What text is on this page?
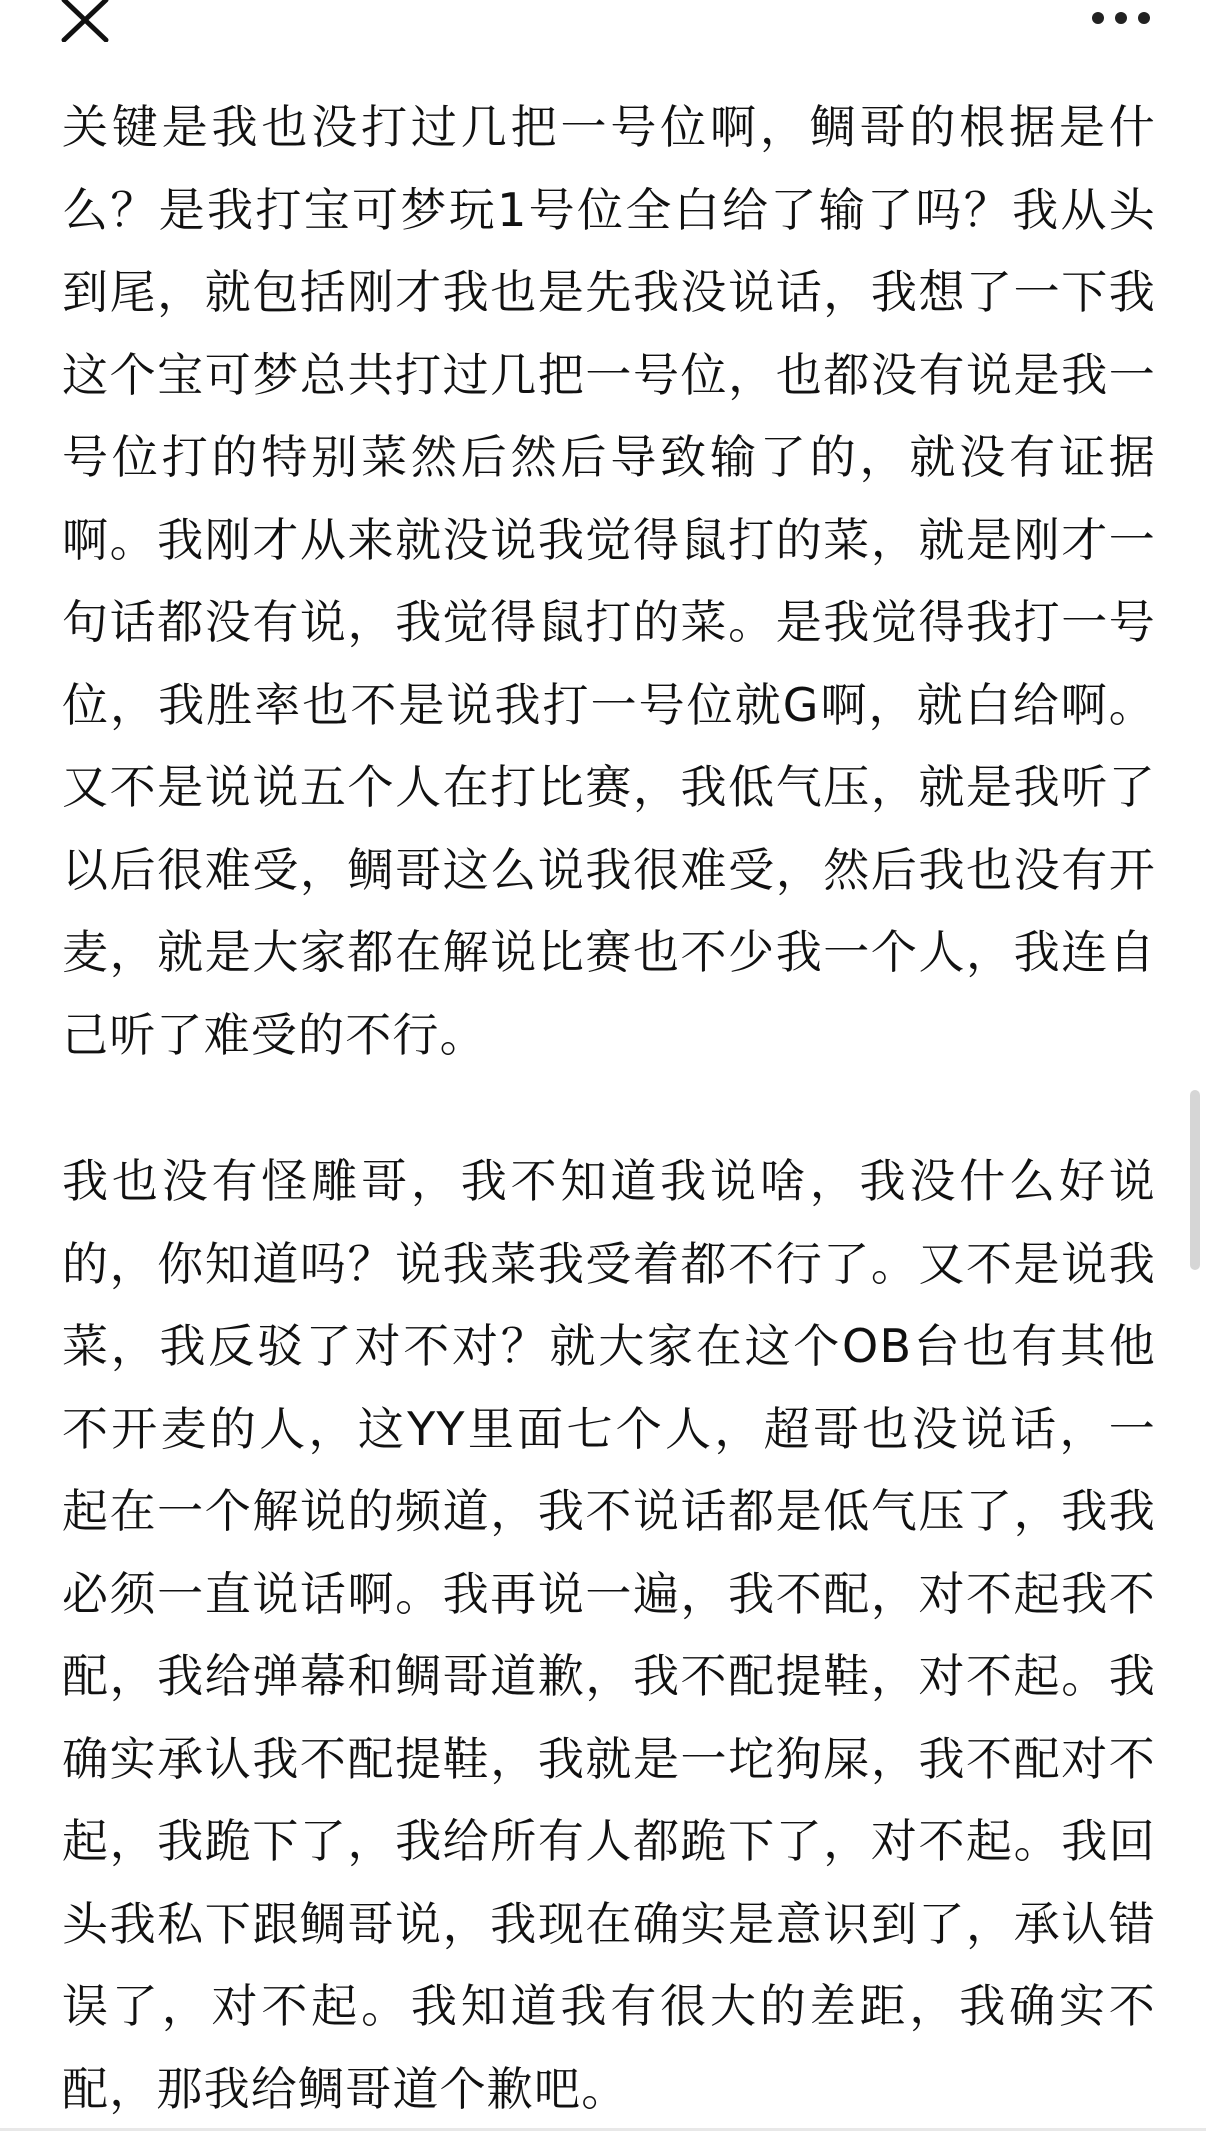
关键是我也没打过几把一号位啊，鲷哥的根据是什么？是我打宝可梦玩1号位全白给了输了吗？我从头到尾，就包括刚才我也是先我没说话，我想了一下我这个宝可梦总共打过几把一号位，也都没有说是我一号位打的特别菜然后然后导致输了的，就没有证据啊。我刚才从来就没说我觉得鼠打的菜，就是刚才一句话都没有说，我觉得鼠打的菜。是我觉得我打一号位，我胜率也不是说我打一号位就G啊，就白给啊。又不是说说五个人在打比赛，我低气压，就是我听了以后很难受，鲷哥这么说我很难受，然后我也没有开麦，就是大家都在解说比赛也不少我一个人，我连自己听了难受的不行。

我也没有怪雕哥，我不知道我说啥，我没什么好说的，你知道吗？说我菜我受着都不行了。又不是说我菜，我反驳了对不对？就大家在这个OB台也有其他不开麦的人，这YY里面七个人，超哥也没说话，一起在一个解说的频道，我不说话都是低气压了，我我必须一直说话啊。我再说一遍，我不配，对不起我不配，我给弹幕和鲷哥道歉，我不配提鞋，对不起。我确实承认我不配提鞋，我就是一坨狗屎，我不配对不起，我跪下了，我给所有人都跪下了，对不起。我回头我私下跟鲷哥说，我现在确实是意识到了，承认错误了，对不起。我知道我有很大的差距，我确实不配，那我给鲷哥道个歉吧。
